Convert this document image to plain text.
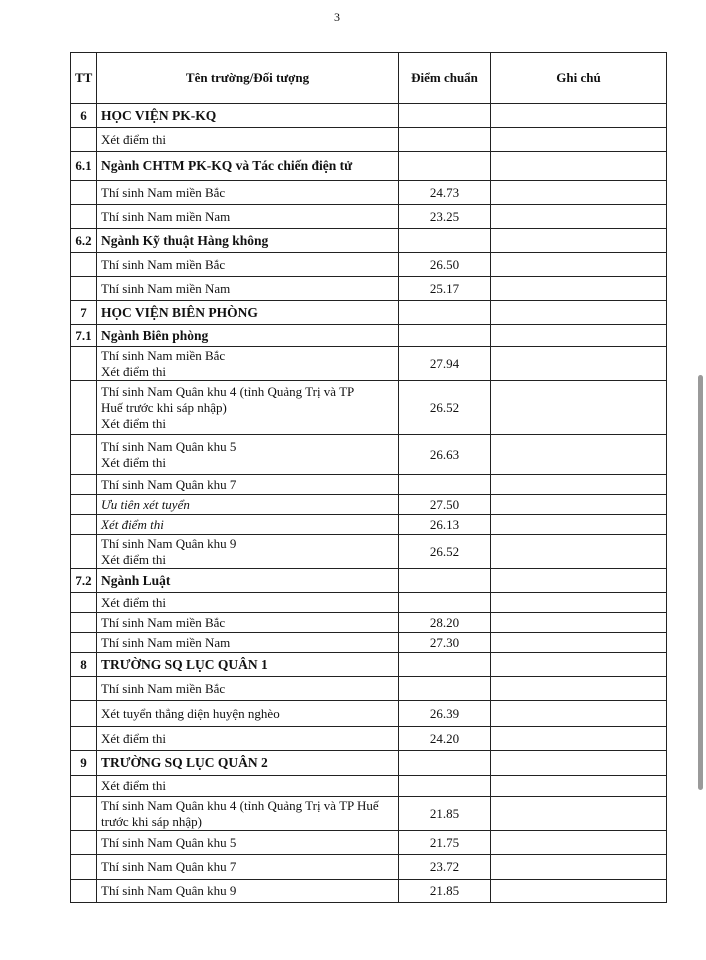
3
TT	Tên trường/Đối tượng	Điểm chuẩn	Ghi chú
6	HỌC VIỆN PK-KQ		

	Xét điểm thi		

6.1	Ngành CHTM PK-KQ và Tác chiến điện tử		

	Thí sinh Nam miền Bắc	24.73	

	Thí sinh Nam miền Nam	23.25	
6.2	Ngành Kỹ thuật Hàng không		

	Thí sinh Nam miền Bắc	26.50	

	Thí sinh Nam miền Nam	25.17	
7	HỌC VIỆN BIÊN PHÒNG		

7.1	Ngành Biên phòng		

	Thí sinh Nam miền Bắc
Xét điểm thi	27.94	

	Thí sinh Nam Quân khu 4 (tỉnh Quảng Trị và TP
Huế trước khi sáp nhập)
Xét điểm thi	26.52	

	Thí sinh Nam Quân khu 5
Xét điểm thi	26.63	

	Thí sinh Nam Quân khu 7		

	Ưu tiên xét tuyển	27.50	

	Xét điểm thi	26.13	

	Thí sinh Nam Quân khu 9
Xét điểm thi	26.52	
7.2	Ngành Luật		

	Xét điểm thi		

	Thí sinh Nam miền Bắc	28.20	

	Thí sinh Nam miền Nam	27.30	
8	TRƯỜNG SQ LỤC QUÂN 1		

	Thí sinh Nam miền Bắc		

	Xét tuyển thẳng diện huyện nghèo	26.39	

	Xét điểm thi	24.20	
9	TRƯỜNG SQ LỤC QUÂN 2		

	Xét điểm thi		

	Thí sinh Nam Quân khu 4 (tỉnh Quảng Trị và TP Huế
trước khi sáp nhập)	21.85	

	Thí sinh Nam Quân khu 5	21.75	

	Thí sinh Nam Quân khu 7	23.72	

	Thí sinh Nam Quân khu 9	21.85	
